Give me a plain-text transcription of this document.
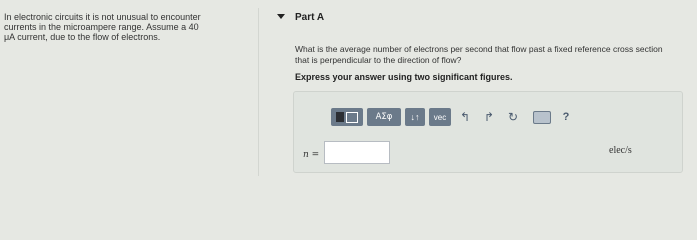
In electronic circuits it is not unusual to encounter
currents in the microampere range. Assume a 40
μA current, due to the flow of electrons.
Part A
What is the average number of electrons per second that flow past a fixed reference cross section
that is perpendicular to the direction of flow?
Express your answer using two significant figures.
ΑΣφ	↓↑	vec	↰ ↱ ↻	?
n =	elec/s
